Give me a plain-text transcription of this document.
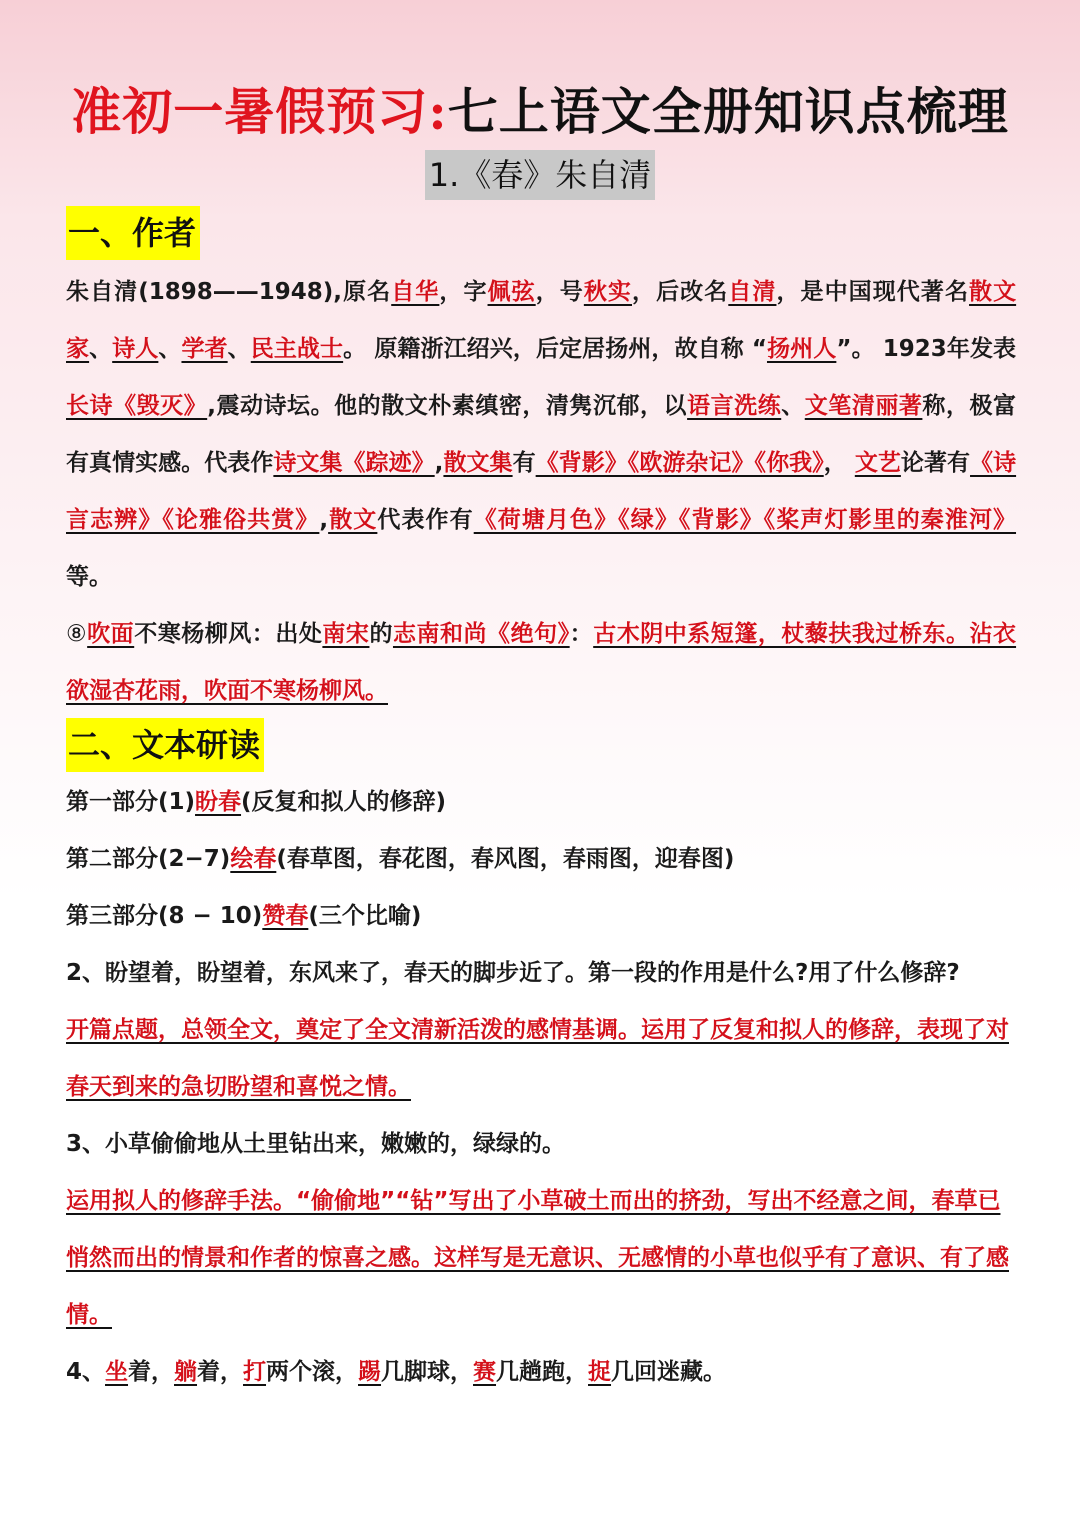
准初一暑假预习:七上语文全册知识点梳理
1.《春》朱自清
一、作者

朱自清(1898——1948),原名自华，字佩弦，号秋实，后改名自清，是中国现代著名散文家、诗人、学者、民主战士。 原籍浙江绍兴，后定居扬州，故自称 “扬州人”。 1923年发表长诗《毁灭》,震动诗坛。他的散文朴素缜密，清隽沉郁，以语言洗练、文笔清丽著称，极富有真情实感。代表作诗文集《踪迹》,散文集有《背影》《欧游杂记》《你我》， 文艺论著有《诗言志辨》《论雅俗共赏》,散文代表作有《荷塘月色》《绿》《背影》《桨声灯影里的秦淮河》等。

⑧吹面不寒杨柳风：出处南宋的志南和尚《绝句》：古木阴中系短篷，杖藜扶我过桥东。沾衣欲湿杏花雨，吹面不寒杨柳风。

二、文本研读

第一部分(1)盼春(反复和拟人的修辞)

第二部分(2−7)绘春(春草图，春花图，春风图，春雨图，迎春图)

第三部分(8 − 10)赞春(三个比喻)

2、盼望着，盼望着，东风来了，春天的脚步近了。第一段的作用是什么?用了什么修辞?

开篇点题，总领全文，奠定了全文清新活泼的感情基调。运用了反复和拟人的修辞，表现了对春天到来的急切盼望和喜悦之情。

3、小草偷偷地从土里钻出来，嫩嫩的，绿绿的。

运用拟人的修辞手法。“偷偷地”“钻”写出了小草破土而出的挤劲，写出不经意之间，春草已悄然而出的情景和作者的惊喜之感。这样写是无意识、无感情的小草也似乎有了意识、有了感情。

4、坐着，躺着，打两个滚，踢几脚球，赛几趟跑，捉几回迷藏。
